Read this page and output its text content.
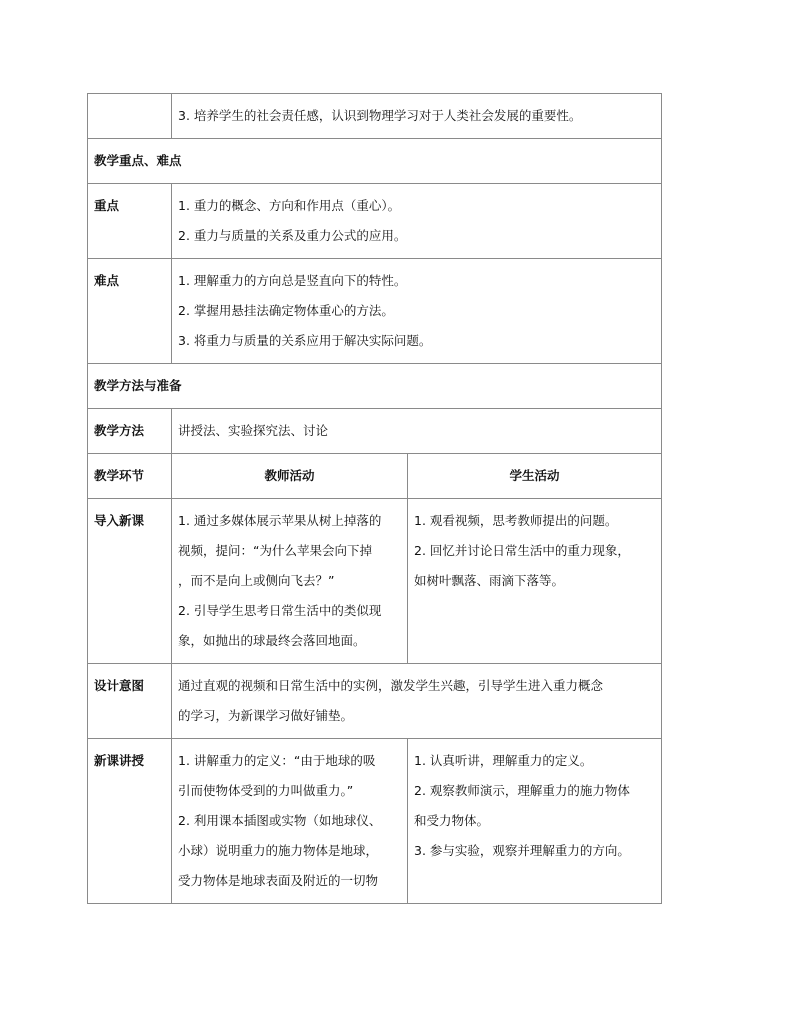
	3. 培养学生的社会责任感，认识到物理学习对于人类社会发展的重要性。	

教学重点、难点		
重点	1. 重力的概念、方向和作用点（重心）。
2. 重力与质量的关系及重力公式的应用。	

难点	1. 理解重力的方向总是竖直向下的特性。
2. 掌握用悬挂法确定物体重心的方法。
3. 将重力与质量的关系应用于解决实际问题。	

教学方法与准备		
教学方法	讲授法、实验探究法、讨论	
教学环节	教师活动	学生活动
导入新课	1. 通过多媒体展示苹果从树上掉落的
视频，提问：“为什么苹果会向下掉
，而不是向上或侧向飞去？”
2. 引导学生思考日常生活中的类似现
象，如抛出的球最终会落回地面。	1. 观看视频，思考教师提出的问题。
2. 回忆并讨论日常生活中的重力现象，
如树叶飘落、雨滴下落等。

设计意图	通过直观的视频和日常生活中的实例，激发学生兴趣，引导学生进入重力概念
的学习，为新课学习做好铺垫。	

新课讲授	1. 讲解重力的定义：“由于地球的吸
引而使物体受到的力叫做重力。”
2. 利用课本插图或实物（如地球仪、
小球）说明重力的施力物体是地球，
受力物体是地球表面及附近的一切物	1. 认真听讲，理解重力的定义。
2. 观察教师演示，理解重力的施力物体
和受力物体。
3. 参与实验，观察并理解重力的方向。
